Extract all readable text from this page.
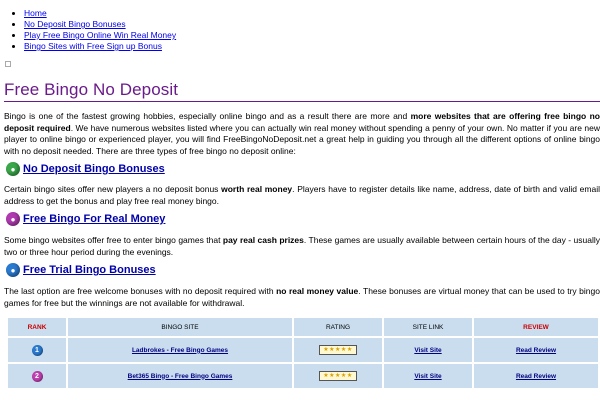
• Home
• No Deposit Bingo Bonuses
• Play Free Bingo Online Win Real Money
• Bingo Sites with Free Sign up Bonus
Free Bingo No Deposit

Bingo is one of the fastest growing hobbies, especially online bingo and as a result there are more and more websites that are offering free bingo no deposit required. We have numerous websites listed where you can actually win real money without spending a penny of your own. No matter if you are new player to online bingo or experienced player, you will find FreeBingoNoDeposit.net a great help in guiding you through all the different options of online bingo with no deposit needed. There are three types of free bingo no deposit online:

● No Deposit Bingo Bonuses

Certain bingo sites offer new players a no deposit bonus worth real money. Players have to register details like name, address, date of birth and valid email address to get the bonus and play free real money bingo.

● Free Bingo For Real Money

Some bingo websites offer free to enter bingo games that pay real cash prizes. These games are usually available between certain hours of the day - usually two or three hour period during the evenings.

● Free Trial Bingo Bonuses

The last option are free welcome bonuses with no deposit required with no real money value. These bonuses are virtual money that can be used to try bingo games for free but the winnings are not available for withdrawal.

RANK	BINGO SITE	RATING	SITE LINK	REVIEW
1	Ladbrokes - Free Bingo Games	★★★★★	Visit Site	Read Review
2	Bet365 Bingo - Free Bingo Games	★★★★★	Visit Site	Read Review
